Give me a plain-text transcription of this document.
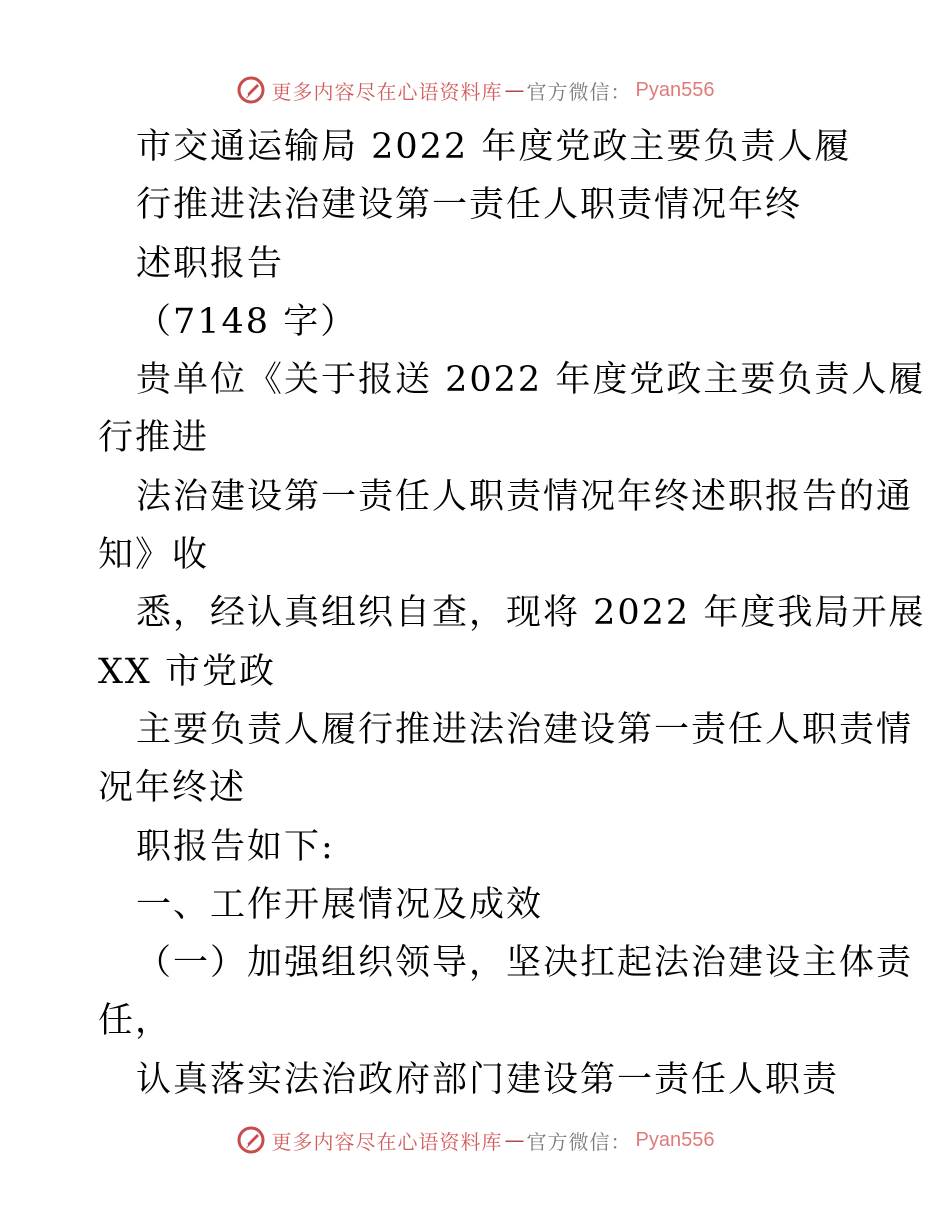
更多内容尽在心语资料库 — 官方微信： Pyan556
市交通运输局 2022 年度党政主要负责人履
行推进法治建设第一责任人职责情况年终
述职报告
（7148 字）
贵单位《关于报送 2022 年度党政主要负责人履
行推进
法治建设第一责任人职责情况年终述职报告的通
知》收
悉，经认真组织自查，现将 2022 年度我局开展
XX 市党政
主要负责人履行推进法治建设第一责任人职责情
况年终述
职报告如下:
一、工作开展情况及成效
（一）加强组织领导，坚决扛起法治建设主体责
任，
认真落实法治政府部门建设第一责任人职责
更多内容尽在心语资料库 — 官方微信： Pyan556
